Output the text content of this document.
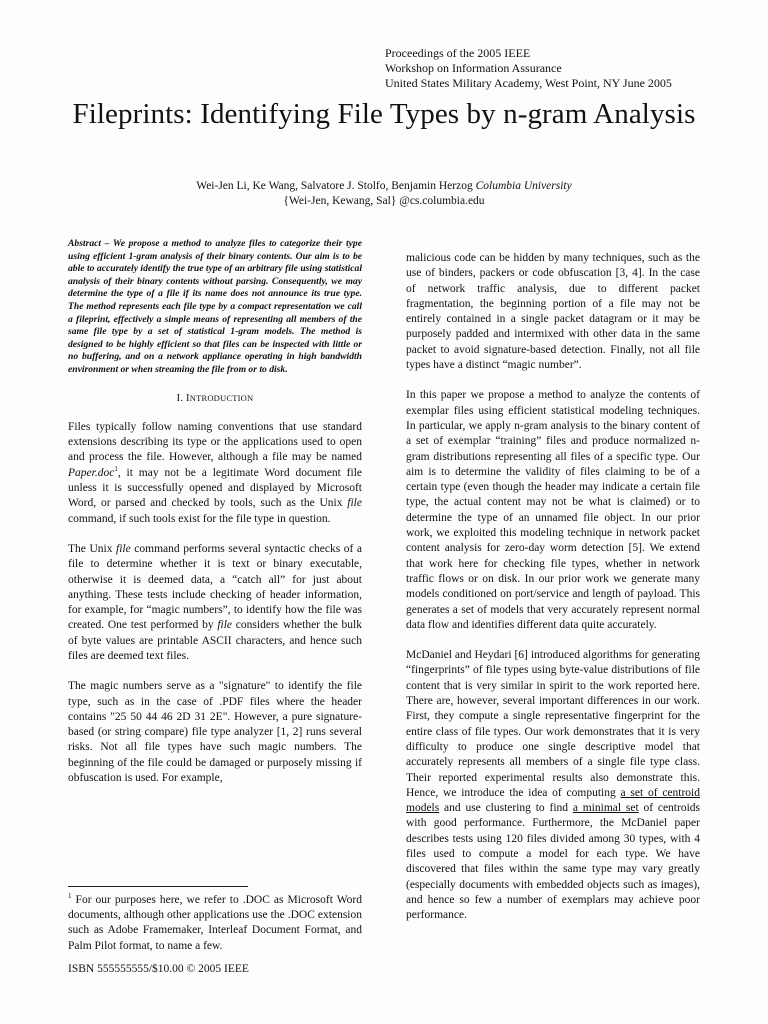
Proceedings of the 2005 IEEE
Workshop on Information Assurance
United States Military Academy, West Point, NY June 2005
Fileprints: Identifying File Types by n-gram Analysis
Wei-Jen Li, Ke Wang, Salvatore J. Stolfo, Benjamin Herzog Columbia University
{Wei-Jen, Kewang, Sal} @cs.columbia.edu

Abstract – We propose a method to analyze files to categorize their type using efficient 1-gram analysis of their binary contents. Our aim is to be able to accurately identify the true type of an arbitrary file using statistical analysis of their binary contents without parsing. Consequently, we may determine the type of a file if its name does not announce its true type. The method represents each file type by a compact representation we call a fileprint, effectively a simple means of representing all members of the same file type by a set of statistical 1-gram models. The method is designed to be highly efficient so that files can be inspected with little or no buffering, and on a network appliance operating in high bandwidth environment or when streaming the file from or to disk.

I. INTRODUCTION

Files typically follow naming conventions that use standard extensions describing its type or the applications used to open and process the file. However, although a file may be named Paper.doc$^1$, it may not be a legitimate Word document file unless it is successfully opened and displayed by Microsoft Word, or parsed and checked by tools, such as the Unix file command, if such tools exist for the file type in question.

The Unix file command performs several syntactic checks of a file to determine whether it is text or binary executable, otherwise it is deemed data, a “catch all” for just about anything. These tests include checking of header information, for example, for “magic numbers”, to identify how the file was created. One test performed by file considers whether the bulk of byte values are printable ASCII characters, and hence such files are deemed text files.

The magic numbers serve as a "signature" to identify the file type, such as in the case of .PDF files where the header contains "25 50 44 46 2D 31 2E". However, a pure signature-based (or string compare) file type analyzer [1, 2] runs several risks. Not all file types have such magic numbers. The beginning of the file could be damaged or purposely missing if obfuscation is used. For example,

$^1$ For our purposes here, we refer to .DOC as Microsoft Word documents, although other applications use the .DOC extension such as Adobe Framemaker, Interleaf Document Format, and Palm Pilot format, to name a few.
ISBN 555555555/$10.00 © 2005 IEEE

malicious code can be hidden by many techniques, such as the use of binders, packers or code obfuscation [3, 4]. In the case of network traffic analysis, due to different packet fragmentation, the beginning portion of a file may not be entirely contained in a single packet datagram or it may be purposely padded and intermixed with other data in the same packet to avoid signature-based detection. Finally, not all file types have a distinct “magic number”.

In this paper we propose a method to analyze the contents of exemplar files using efficient statistical modeling techniques. In particular, we apply n-gram analysis to the binary content of a set of exemplar “training” files and produce normalized n-gram distributions representing all files of a specific type. Our aim is to determine the validity of files claiming to be of a certain type (even though the header may indicate a certain file type, the actual content may not be what is claimed) or to determine the type of an unnamed file object. In our prior work, we exploited this modeling technique in network packet content analysis for zero-day worm detection [5]. We extend that work here for checking file types, whether in network traffic flows or on disk. In our prior work we generate many models conditioned on port/service and length of payload. This generates a set of models that very accurately represent normal data flow and identifies different data quite accurately.

McDaniel and Heydari [6] introduced algorithms for generating “fingerprints” of file types using byte-value distributions of file content that is very similar in spirit to the work reported here. There are, however, several important differences in our work. First, they compute a single representative fingerprint for the entire class of file types. Our work demonstrates that it is very difficulty to produce one single descriptive model that accurately represents all members of a single file type class. Their reported experimental results also demonstrate this. Hence, we introduce the idea of computing a set of centroid models and use clustering to find a minimal set of centroids with good performance. Furthermore, the McDaniel paper describes tests using 120 files divided among 30 types, with 4 files used to compute a model for each type. We have discovered that files within the same type may vary greatly (especially documents with embedded objects such as images), and hence so few a number of exemplars may achieve poor performance.
